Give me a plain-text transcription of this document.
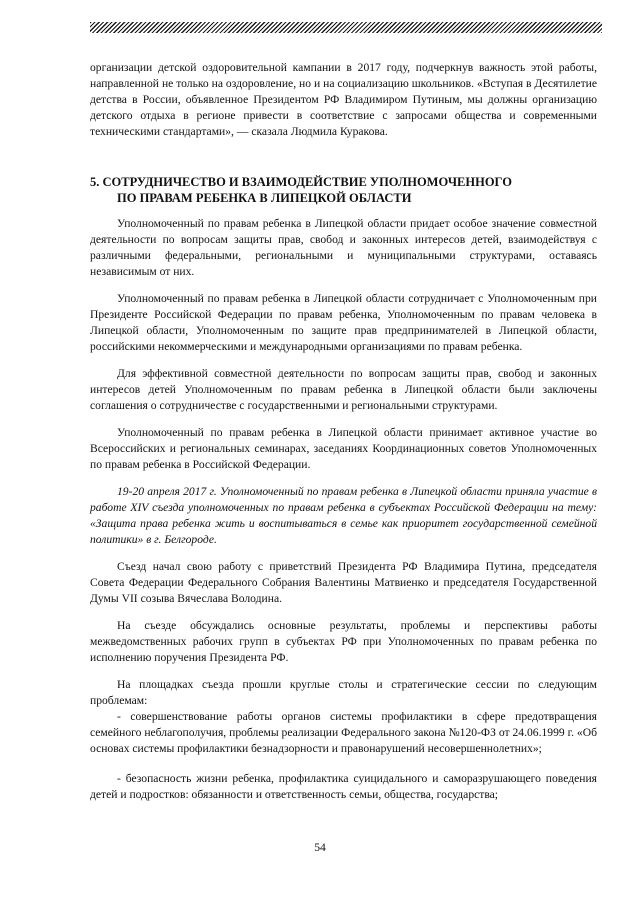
организации детской оздоровительной кампании в 2017 году, подчеркнув важность этой работы, направленной не только на оздоровление, но и на социализацию школьников. «Вступая в Десятилетие детства в России, объявленное Президентом РФ Владимиром Путиным, мы должны организацию детского отдыха в регионе привести в соответствие с запросами общества и современными техническими стандартами», — сказала Людмила Куракова.

5. СОТРУДНИЧЕСТВО И ВЗАИМОДЕЙСТВИЕ УПОЛНОМОЧЕННОГО
ПО ПРАВАМ РЕБЕНКА В ЛИПЕЦКОЙ ОБЛАСТИ

Уполномоченный по правам ребенка в Липецкой области придает особое значение совместной деятельности по вопросам защиты прав, свобод и законных интересов детей, взаимодействуя с различными федеральными, региональными и муниципальными структурами, оставаясь независимым от них.

Уполномоченный по правам ребенка в Липецкой области сотрудничает с Уполномоченным при Президенте Российской Федерации по правам ребенка, Уполномоченным по правам человека в Липецкой области, Уполномоченным по защите прав предпринимателей в Липецкой области, российскими некоммерческими и международными организациями по правам ребенка.

Для эффективной совместной деятельности по вопросам защиты прав, свобод и законных интересов детей Уполномоченным по правам ребенка в Липецкой области были заключены соглашения о сотрудничестве с государственными и региональными структурами.

Уполномоченный по правам ребенка в Липецкой области принимает активное участие во Всероссийских и региональных семинарах, заседаниях Координационных советов Уполномоченных по правам ребенка в Российской Федерации.

19-20 апреля 2017 г. Уполномоченный по правам ребенка в Липецкой области приняла участие в работе XIV съезда уполномоченных по правам ребенка в субъектах Российской Федерации на тему: «Защита права ребенка жить и воспитываться в семье как приоритет государственной семейной политики» в г. Белгороде.

Съезд начал свою работу с приветствий Президента РФ Владимира Путина, председателя Совета Федерации Федерального Собрания Валентины Матвиенко и председателя Государственной Думы VII созыва Вячеслава Володина.

На съезде обсуждались основные результаты, проблемы и перспективы работы межведомственных рабочих групп в субъектах РФ при Уполномоченных по правам ребенка по исполнению поручения Президента РФ.

На площадках съезда прошли круглые столы и стратегические сессии по следующим проблемам:

- совершенствование работы органов системы профилактики в сфере предотвращения семейного неблагополучия, проблемы реализации Федерального закона №120-ФЗ от 24.06.1999 г. «Об основах системы профилактики безнадзорности и правонарушений несовершеннолетних»;

- безопасность жизни ребенка, профилактика суицидального и саморазрушающего поведения детей и подростков: обязанности и ответственность семьи, общества, государства;

54
